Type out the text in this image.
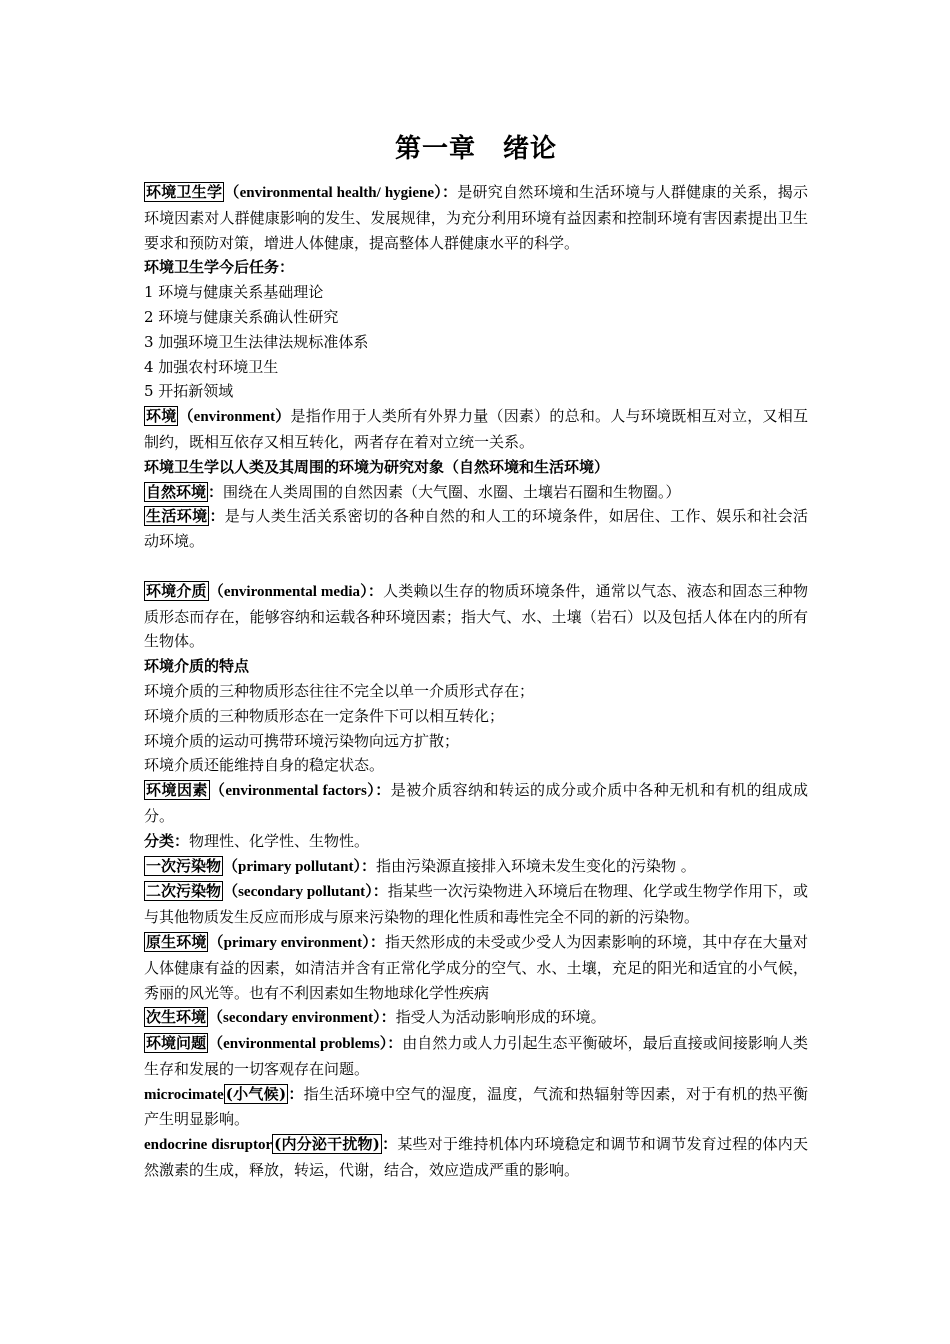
第一章　绪论

环境卫生学 （environmental health/ hygiene）：是研究自然环境和生活环境与人群健康的关系，揭示环境因素对人群健康影响的发生、发展规律，为充分利用环境有益因素和控制环境有害因素提出卫生要求和预防对策，增进人体健康，提高整体人群健康水平的科学。

环境卫生学今后任务：

1 环境与健康关系基础理论

2 环境与健康关系确认性研究

3 加强环境卫生法律法规标准体系

4 加强农村环境卫生

5 开拓新领域

环境 （environment）是指作用于人类所有外界力量（因素）的总和。人与环境既相互对立，又相互制约，既相互依存又相互转化，两者存在着对立统一关系。

环境卫生学以人类及其周围的环境为研究对象（自然环境和生活环境）

自然环境 ：围绕在人类周围的自然因素（大气圈、水圈、土壤岩石圈和生物圈。）

生活环境 ：是与人类生活关系密切的各种自然的和人工的环境条件，如居住、工作、娱乐和社会活动环境。

环境介质 （environmental media）：人类赖以生存的物质环境条件，通常以气态、液态和固态三种物质形态而存在，能够容纳和运载各种环境因素；指大气、水、土壤（岩石）以及包括人体在内的所有生物体。

环境介质的特点

环境介质的三种物质形态往往不完全以单一介质形式存在；

环境介质的三种物质形态在一定条件下可以相互转化；

环境介质的运动可携带环境污染物向远方扩散；

环境介质还能维持自身的稳定状态。

环境因素 （environmental factors）：是被介质容纳和转运的成分或介质中各种无机和有机的组成成分。

分类：物理性、化学性、生物性。

一次污染物 （primary pollutant）：指由污染源直接排入环境未发生变化的污染物 。

二次污染物 （secondary pollutant）：指某些一次污染物进入环境后在物理、化学或生物学作用下，或与其他物质发生反应而形成与原来污染物的理化性质和毒性完全不同的新的污染物。

原生环境 （primary environment）：指天然形成的未受或少受人为因素影响的环境，其中存在大量对人体健康有益的因素，如清洁并含有正常化学成分的空气、水、土壤，充足的阳光和适宜的小气候，秀丽的风光等。也有不利因素如生物地球化学性疾病

次生环境 （secondary environment）：指受人为活动影响形成的环境。

环境问题 （environmental problems）：由自然力或人力引起生态平衡破坏，最后直接或间接影响人类生存和发展的一切客观存在问题。

microcimate (小气候) ：指生活环境中空气的湿度，温度，气流和热辐射等因素，对于有机的热平衡产生明显影响。

endocrine disruptor (内分泌干扰物) ：某些对于维持机体内环境稳定和调节和调节发育过程的体内天然激素的生成，释放，转运，代谢，结合，效应造成严重的影响。
